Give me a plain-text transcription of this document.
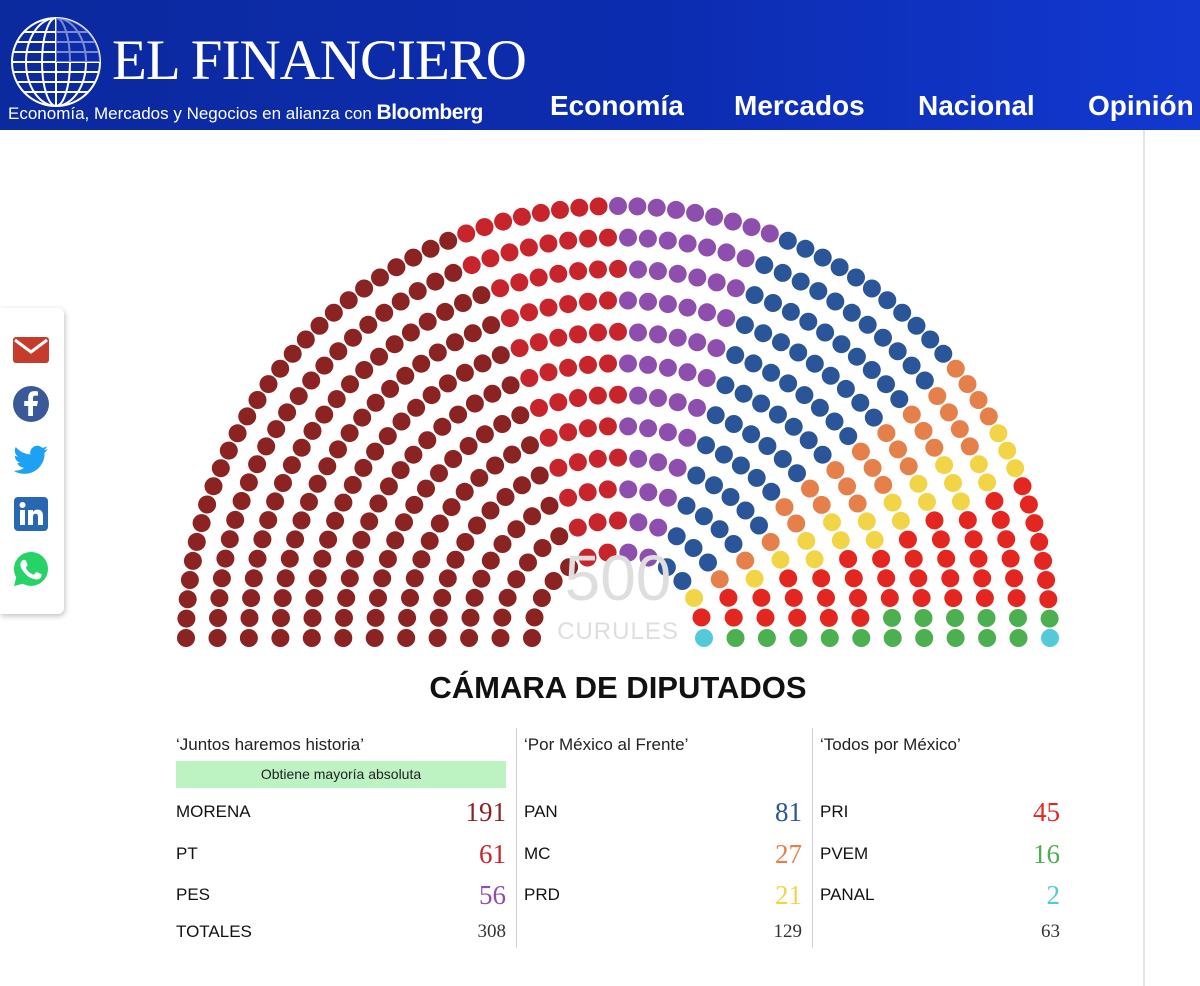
EL FINANCIERO
Economía, Mercados y Negocios en alianza con Bloomberg Economía Mercados Nacional Opinión
500
CURULES
CÁMARA DE DIPUTADOS
‘Juntos haremos historia’
Obtiene mayoría absoluta
MORENA	191
PT	61
PES	56
TOTALES	308
‘Por México al Frente’
PAN	81
MC	27
PRD	21
129
‘Todos por México’
PRI	45
PVEM	16
PANAL	2
63
